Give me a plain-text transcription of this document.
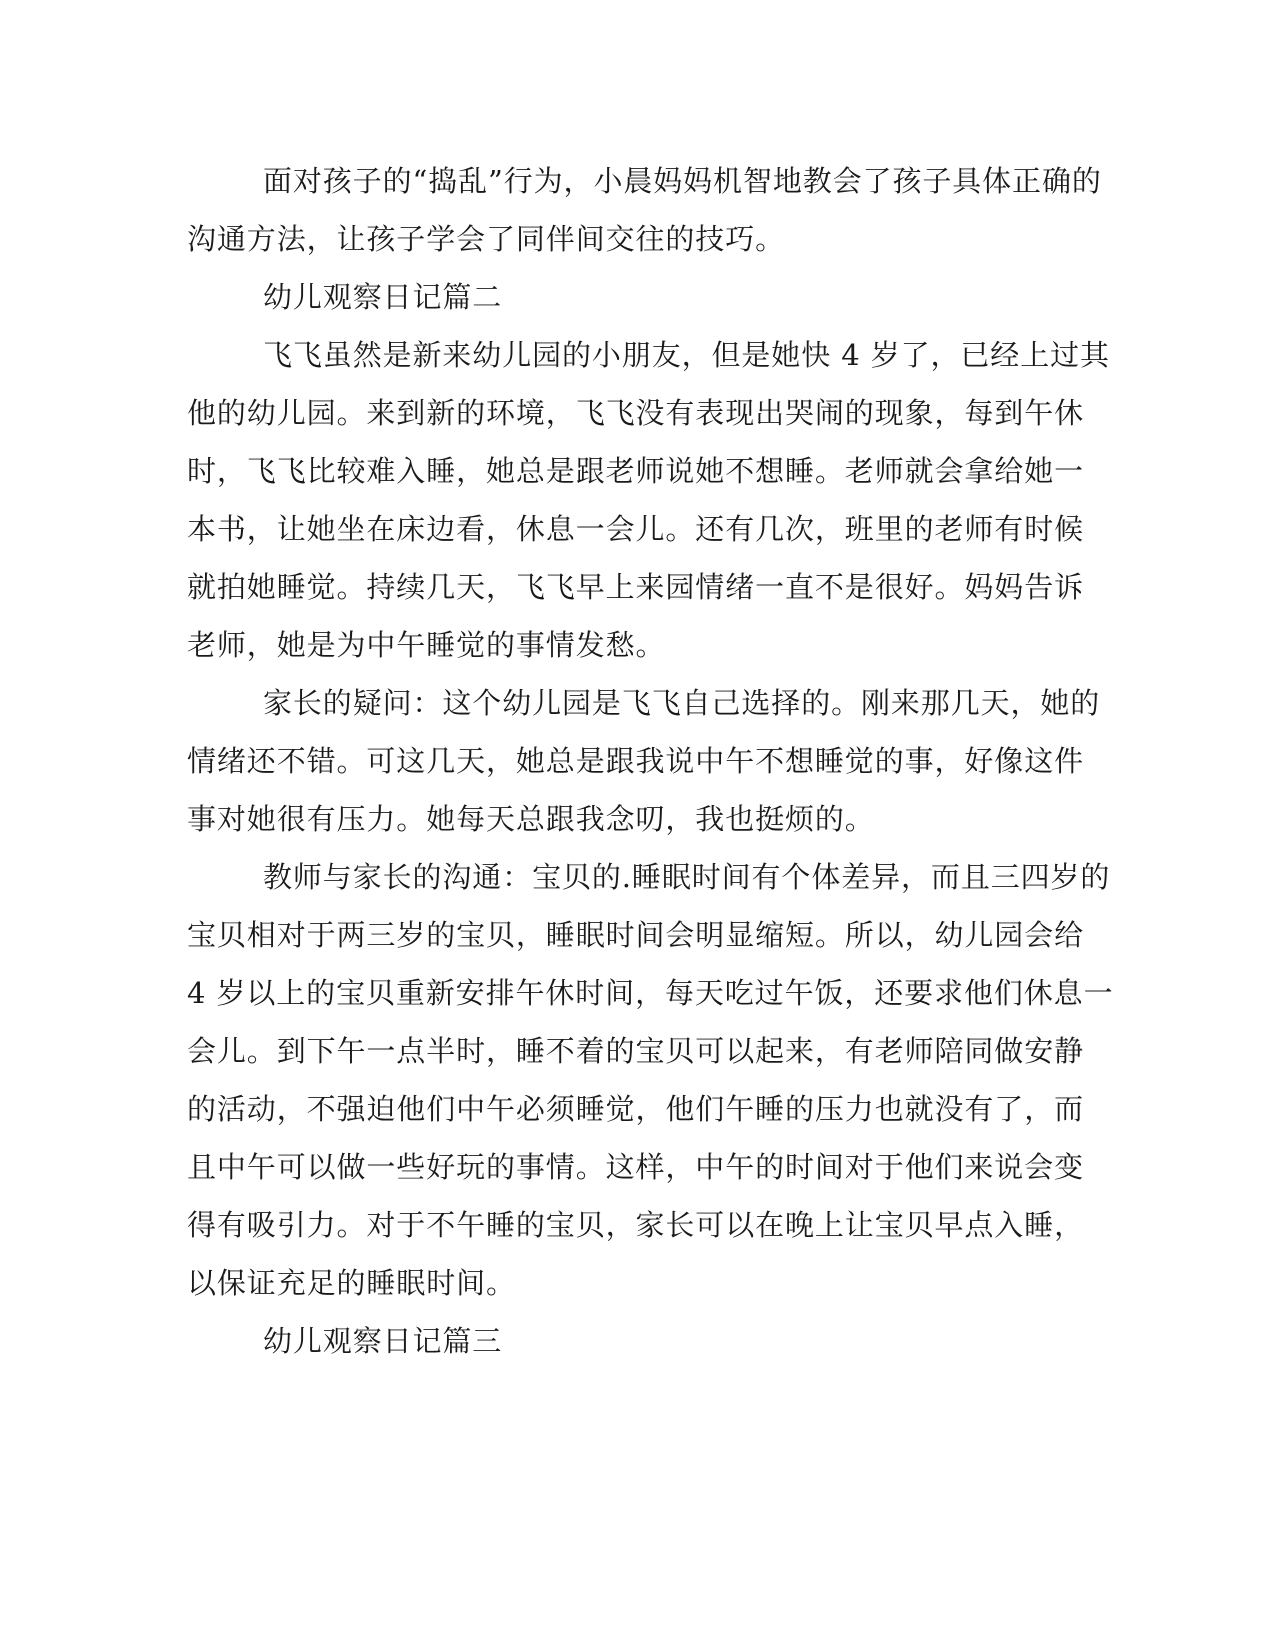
面对孩子的“捣乱”行为，小晨妈妈机智地教会了孩子具体正确的
沟通方法，让孩子学会了同伴间交往的技巧。
幼儿观察日记篇二
飞飞虽然是新来幼儿园的小朋友，但是她快 4 岁了，已经上过其
他的幼儿园。来到新的环境，飞飞没有表现出哭闹的现象，每到午休
时，飞飞比较难入睡，她总是跟老师说她不想睡。老师就会拿给她一
本书，让她坐在床边看，休息一会儿。还有几次，班里的老师有时候
就拍她睡觉。持续几天，飞飞早上来园情绪一直不是很好。妈妈告诉
老师，她是为中午睡觉的事情发愁。
家长的疑问：这个幼儿园是飞飞自己选择的。刚来那几天，她的
情绪还不错。可这几天，她总是跟我说中午不想睡觉的事，好像这件
事对她很有压力。她每天总跟我念叨，我也挺烦的。
教师与家长的沟通：宝贝的.睡眠时间有个体差异，而且三四岁的
宝贝相对于两三岁的宝贝，睡眠时间会明显缩短。所以，幼儿园会给
4 岁以上的宝贝重新安排午休时间，每天吃过午饭，还要求他们休息一
会儿。到下午一点半时，睡不着的宝贝可以起来，有老师陪同做安静
的活动，不强迫他们中午必须睡觉，他们午睡的压力也就没有了，而
且中午可以做一些好玩的事情。这样，中午的时间对于他们来说会变
得有吸引力。对于不午睡的宝贝，家长可以在晚上让宝贝早点入睡，
以保证充足的睡眠时间。
幼儿观察日记篇三
